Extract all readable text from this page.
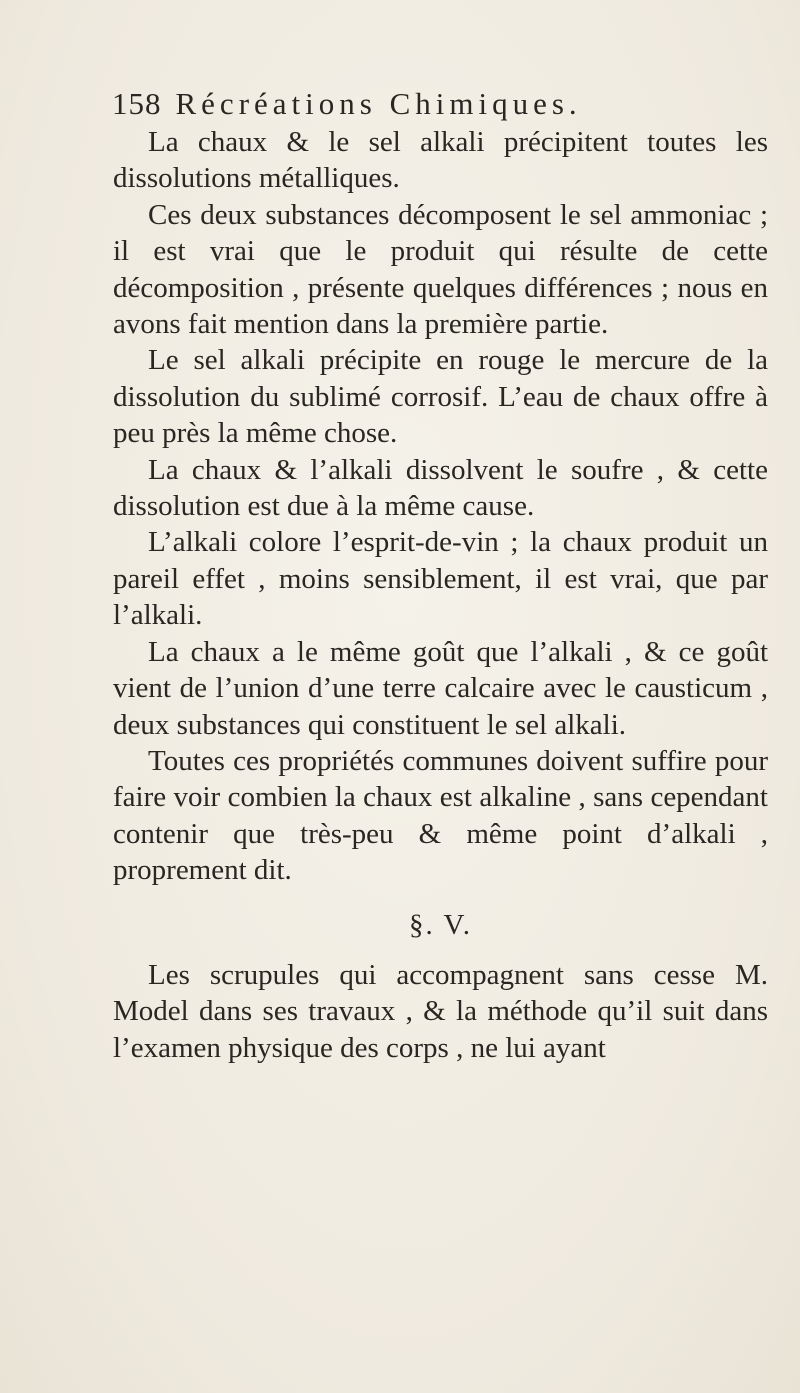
158 Récréations Chimiques.

La chaux & le sel alkali précipitent toutes les dissolutions métalliques.

Ces deux substances décomposent le sel ammoniac ; il est vrai que le produit qui résulte de cette décomposition , présente quelques différences ; nous en avons fait mention dans la première partie.

Le sel alkali précipite en rouge le mercure de la dissolution du sublimé corrosif. L’eau de chaux offre à peu près la même chose.

La chaux & l’alkali dissolvent le soufre , & cette dissolution est due à la même cause.

L’alkali colore l’esprit-de-vin ; la chaux produit un pareil effet , moins sensiblement, il est vrai, que par l’alkali.

La chaux a le même goût que l’alkali , & ce goût vient de l’union d’une terre calcaire avec le causticum , deux substances qui constituent le sel alkali.

Toutes ces propriétés communes doivent suffire pour faire voir combien la chaux est alkaline , sans cependant contenir que très-peu & même point d’alkali , proprement dit.

§. V.

Les scrupules qui accompagnent sans cesse M. Model dans ses travaux , & la méthode qu’il suit dans l’examen physique des corps , ne lui ayant
